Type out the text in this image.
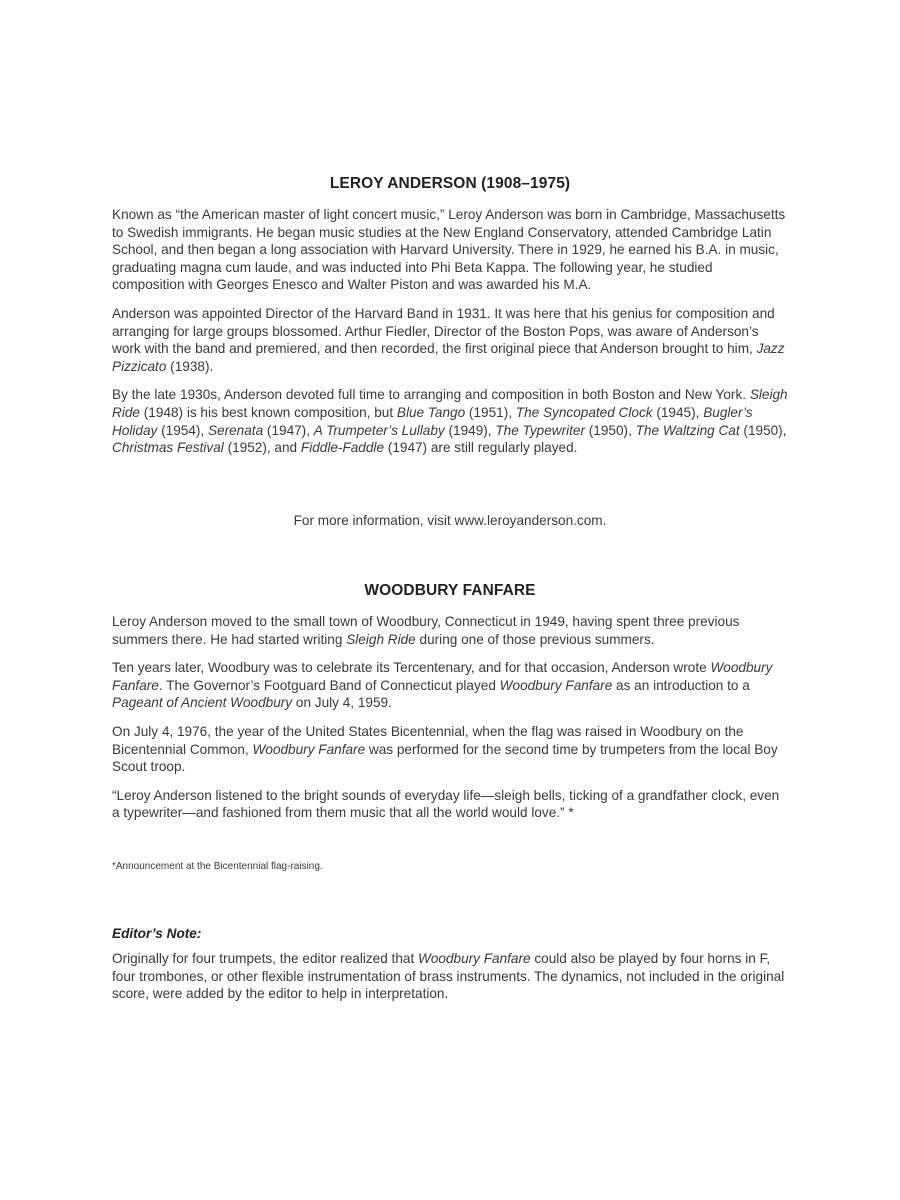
LEROY ANDERSON (1908–1975)

Known as “the American master of light concert music,” Leroy Anderson was born in Cambridge, Massachusetts to Swedish immigrants. He began music studies at the New England Conservatory, attended Cambridge Latin School, and then began a long association with Harvard University. There in 1929, he earned his B.A. in music, graduating magna cum laude, and was inducted into Phi Beta Kappa. The following year, he studied composition with Georges Enesco and Walter Piston and was awarded his M.A.

Anderson was appointed Director of the Harvard Band in 1931. It was here that his genius for composition and arranging for large groups blossomed. Arthur Fiedler, Director of the Boston Pops, was aware of Anderson’s work with the band and premiered, and then recorded, the first original piece that Anderson brought to him, Jazz Pizzicato (1938).

By the late 1930s, Anderson devoted full time to arranging and composition in both Boston and New York. Sleigh Ride (1948) is his best known composition, but Blue Tango (1951), The Syncopated Clock (1945), Bugler’s Holiday (1954), Serenata (1947), A Trumpeter’s Lullaby (1949), The Typewriter (1950), The Waltzing Cat (1950), Christmas Festival (1952), and Fiddle-Faddle (1947) are still regularly played.

For more information, visit www.leroyanderson.com.

WOODBURY FANFARE

Leroy Anderson moved to the small town of Woodbury, Connecticut in 1949, having spent three previous summers there. He had started writing Sleigh Ride during one of those previous summers.

Ten years later, Woodbury was to celebrate its Tercentenary, and for that occasion, Anderson wrote Woodbury Fanfare. The Governor’s Footguard Band of Connecticut played Woodbury Fanfare as an introduction to a Pageant of Ancient Woodbury on July 4, 1959.

On July 4, 1976, the year of the United States Bicentennial, when the flag was raised in Woodbury on the Bicentennial Common, Woodbury Fanfare was performed for the second time by trumpeters from the local Boy Scout troop.

“Leroy Anderson listened to the bright sounds of everyday life—sleigh bells, ticking of a grandfather clock, even a typewriter—and fashioned from them music that all the world would love.” *

*Announcement at the Bicentennial flag-raising.
Editor’s Note:

Originally for four trumpets, the editor realized that Woodbury Fanfare could also be played by four horns in F, four trombones, or other flexible instrumentation of brass instruments. The dynamics, not included in the original score, were added by the editor to help in interpretation.
